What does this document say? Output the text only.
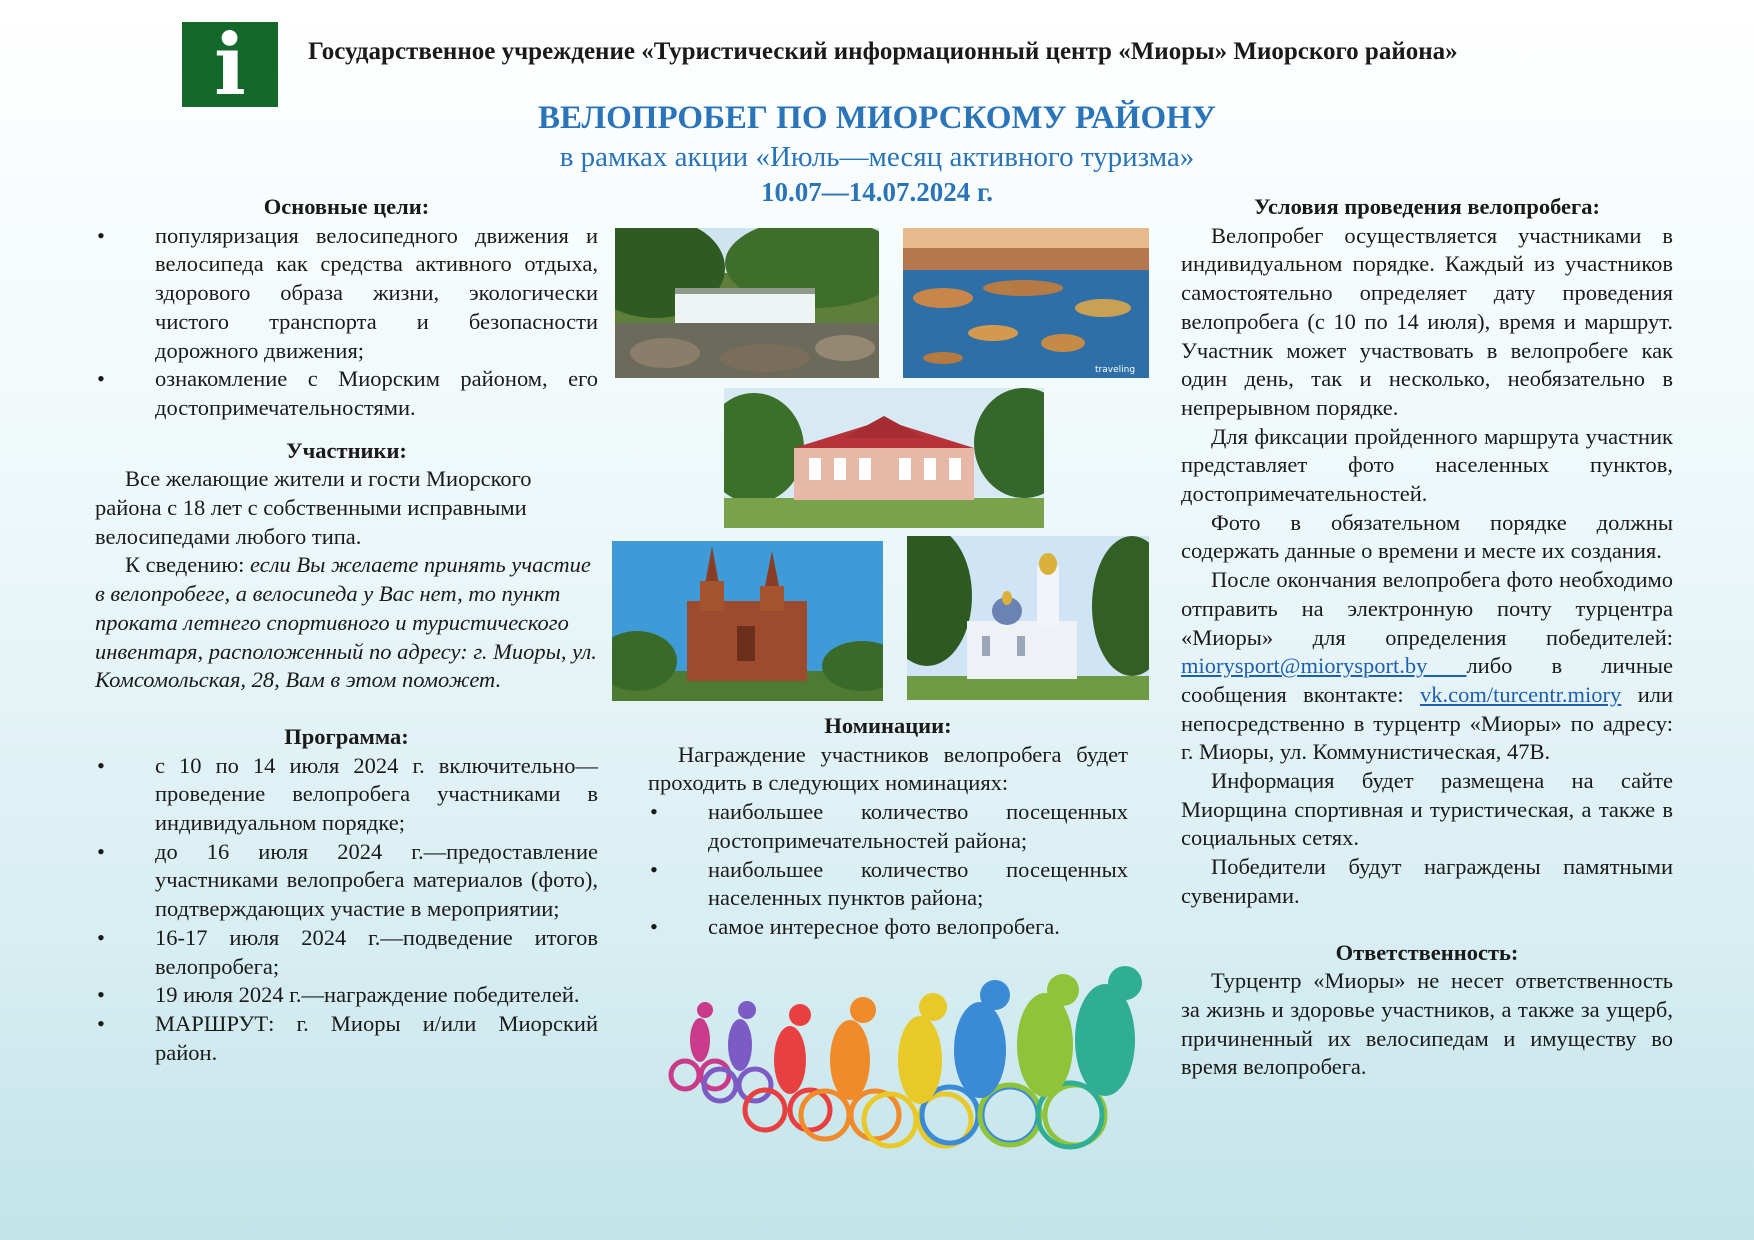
i	Государственное учреждение «Туристический информационный центр «Миоры» Миорского района»
ВЕЛОПРОБЕГ ПО МИОРСКОМУ РАЙОНУ
в рамках акции «Июль—месяц активного туризма»
10.07—14.07.2024 г.
Основные цели:
• популяризация велосипедного движения и велосипеда как средства активного отдыха, здорового образа жизни, экологически чистого транспорта и безопасности дорожного движения;
• ознакомление с Миорским районом, его достопримечательностями.
Участники:

Все желающие жители и гости Миорского района с 18 лет с собственными исправными велосипедами любого типа.

К сведению: если Вы желаете принять участие в велопробеге, а велосипеда у Вас нет, то пункт проката летнего спортивного и туристического инвентаря, расположенный по адресу: г. Миоры, ул. Комсомольская, 28, Вам в этом поможет.

Программа:
• с 10 по 14 июля 2024 г. включительно—проведение велопробега участниками в индивидуальном порядке;
• до 16 июля 2024 г.—предоставление участниками велопробега материалов (фото), подтверждающих участие в мероприятии;
• 16-17 июля 2024 г.—подведение итогов велопробега;
• 19 июля 2024 г.—награждение победителей.
• МАРШРУТ: г. Миоры и/или Миорский район.
traveling
Номинации:

Награждение участников велопробега будет проходить в следующих номинациях:

• наибольшее количество посещенных достопримечательностей района;
• наибольшее количество посещенных населенных пунктов района;
• самое интересное фото велопробега.
Условия проведения велопробега:

Велопробег осуществляется участниками в индивидуальном порядке. Каждый из участников самостоятельно определяет дату проведения велопробега (с 10 по 14 июля), время и маршрут. Участник может участвовать в велопробеге как один день, так и несколько, необязательно в непрерывном порядке.

Для фиксации пройденного маршрута участник представляет фото населенных пунктов, достопримечательностей.

Фото в обязательном порядке должны содержать данные о времени и месте их создания.

После окончания велопробега фото необходимо отправить на электронную почту турцентра «Миоры» для определения победителей: miorysport@miorysport.by либо в личные сообщения вконтакте: vk.com/turcentr.miory или непосредственно в турцентр «Миоры» по адресу: г. Миоры, ул. Коммунистическая, 47В.

Информация будет размещена на сайте Миорщина спортивная и туристическая, а также в социальных сетях.

Победители будут награждены памятными сувенирами.

Ответственность:

Турцентр «Миоры» не несет ответственность за жизнь и здоровье участников, а также за ущерб, причиненный их велосипедам и имуществу во время велопробега.
